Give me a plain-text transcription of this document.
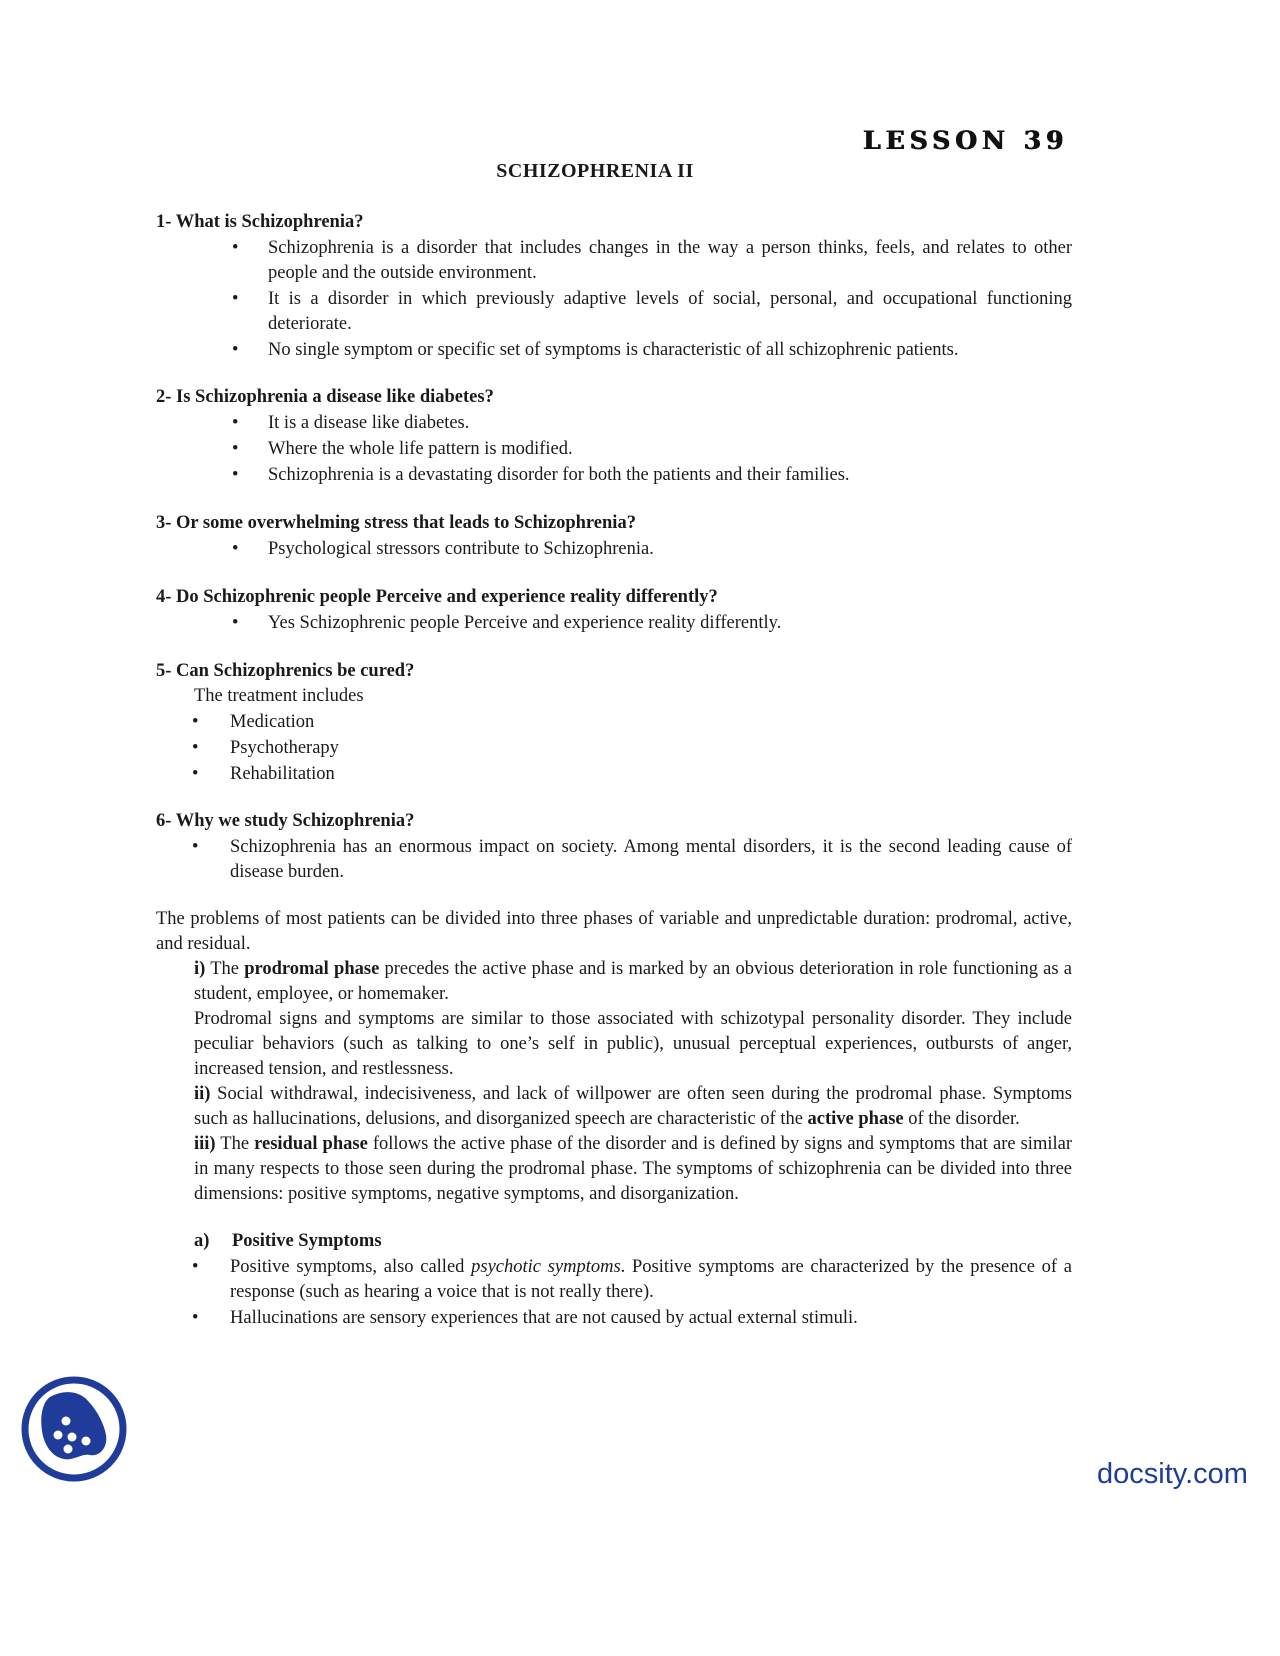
LESSON 39
SCHIZOPHRENIA II
1- What is Schizophrenia?
• Schizophrenia is a disorder that includes changes in the way a person thinks, feels, and relates to other people and the outside environment.
• It is a disorder in which previously adaptive levels of social, personal, and occupational functioning deteriorate.
• No single symptom or specific set of symptoms is characteristic of all schizophrenic patients.
2- Is Schizophrenia a disease like diabetes?
• It is a disease like diabetes.
• Where the whole life pattern is modified.
• Schizophrenia is a devastating disorder for both the patients and their families.
3- Or some overwhelming stress that leads to Schizophrenia?
• Psychological stressors contribute to Schizophrenia.
4- Do Schizophrenic people Perceive and experience reality differently?
• Yes Schizophrenic people Perceive and experience reality differently.
5- Can Schizophrenics be cured?
The treatment includes
• Medication
• Psychotherapy
• Rehabilitation
6- Why we study Schizophrenia?
• Schizophrenia has an enormous impact on society. Among mental disorders, it is the second leading cause of disease burden.
The problems of most patients can be divided into three phases of variable and unpredictable duration: prodromal, active, and residual.
i) The prodromal phase precedes the active phase and is marked by an obvious deterioration in role functioning as a student, employee, or homemaker.
Prodromal signs and symptoms are similar to those associated with schizotypal personality disorder. They include peculiar behaviors (such as talking to one’s self in public), unusual perceptual experiences, outbursts of anger, increased tension, and restlessness.
ii) Social withdrawal, indecisiveness, and lack of willpower are often seen during the prodromal phase. Symptoms such as hallucinations, delusions, and disorganized speech are characteristic of the active phase of the disorder.
iii) The residual phase follows the active phase of the disorder and is defined by signs and symptoms that are similar in many respects to those seen during the prodromal phase. The symptoms of schizophrenia can be divided into three dimensions: positive symptoms, negative symptoms, and disorganization.
a) Positive Symptoms
• Positive symptoms, also called psychotic symptoms. Positive symptoms are characterized by the presence of a response (such as hearing a voice that is not really there).
• Hallucinations are sensory experiences that are not caused by actual external stimuli.
docsity.com
